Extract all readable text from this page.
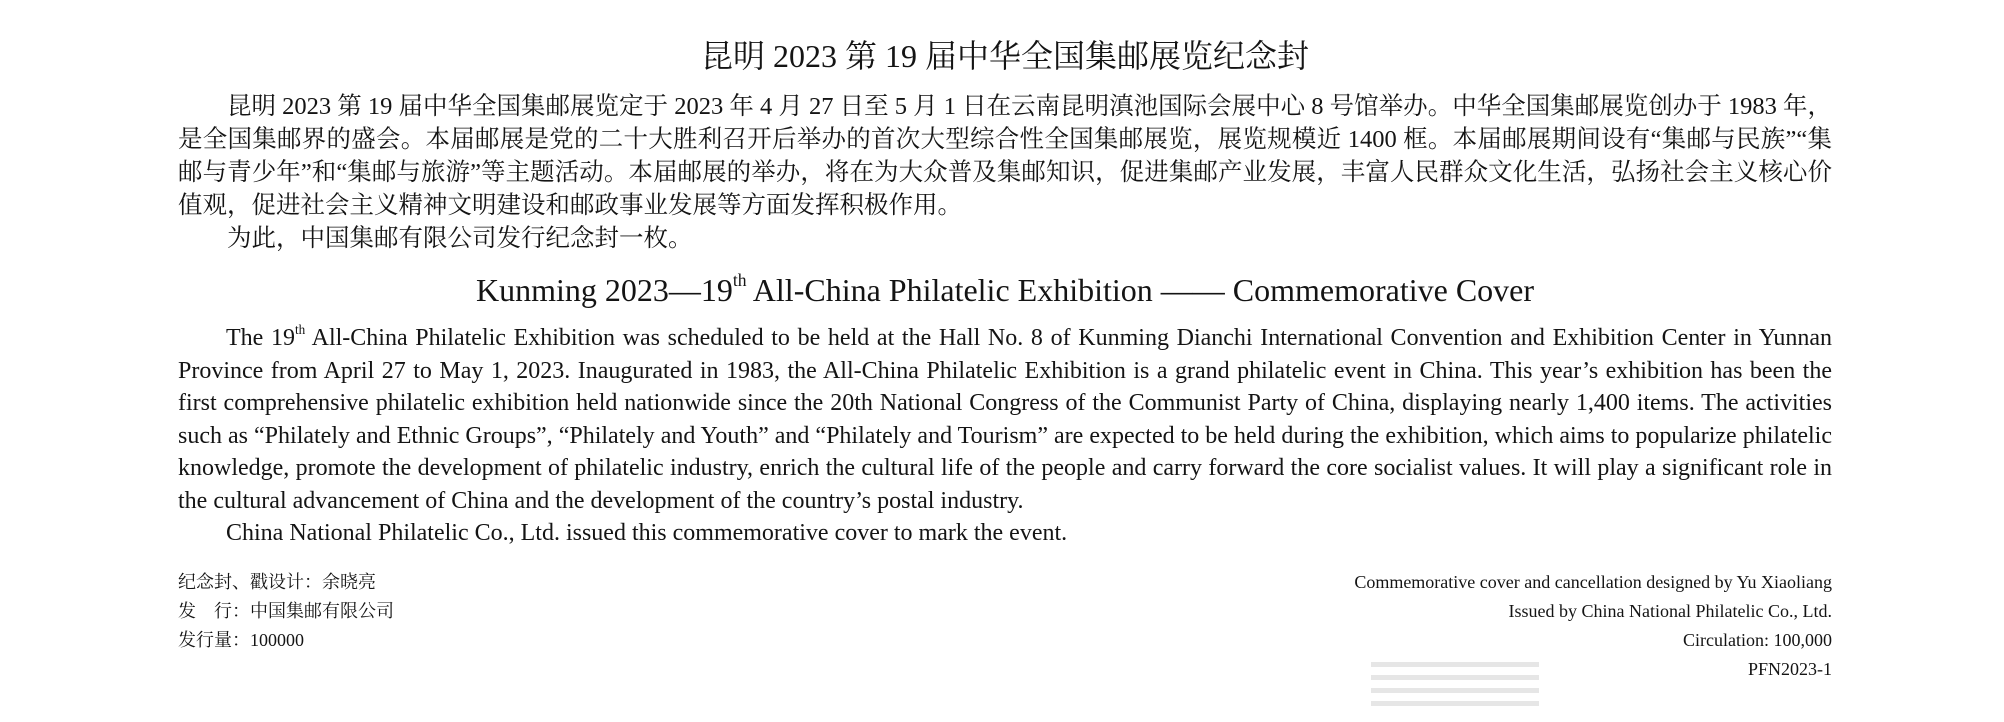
昆明 2023 第 19 届中华全国集邮展览纪念封

昆明 2023 第 19 届中华全国集邮展览定于 2023 年 4 月 27 日至 5 月 1 日在云南昆明滇池国际会展中心 8 号馆举办。中华全国集邮展览创办于 1983 年，是全国集邮界的盛会。本届邮展是党的二十大胜利召开后举办的首次大型综合性全国集邮展览，展览规模近 1400 框。本届邮展期间设有“集邮与民族”“集邮与青少年”和“集邮与旅游”等主题活动。本届邮展的举办，将在为大众普及集邮知识，促进集邮产业发展，丰富人民群众文化生活，弘扬社会主义核心价值观，促进社会主义精神文明建设和邮政事业发展等方面发挥积极作用。

为此，中国集邮有限公司发行纪念封一枚。

Kunming 2023—19th All-China Philatelic Exhibition —— Commemorative Cover

The 19th All-China Philatelic Exhibition was scheduled to be held at the Hall No. 8 of Kunming Dianchi International Convention and Exhibition Center in Yunnan Province from April 27 to May 1, 2023. Inaugurated in 1983, the All-China Philatelic Exhibition is a grand philatelic event in China. This year’s exhibition has been the first comprehensive philatelic exhibition held nationwide since the 20th National Congress of the Communist Party of China, displaying nearly 1,400 items. The activities such as “Philately and Ethnic Groups”, “Philately and Youth” and “Philately and Tourism” are expected to be held during the exhibition, which aims to popularize philatelic knowledge, promote the development of philatelic industry, enrich the cultural life of the people and carry forward the core socialist values. It will play a significant role in the cultural advancement of China and the development of the country’s postal industry.

China National Philatelic Co., Ltd. issued this commemorative cover to mark the event.

纪念封、戳设计：余晓亮
发　行：中国集邮有限公司
发行量：100000
Commemorative cover and cancellation designed by Yu Xiaoliang
Issued by China National Philatelic Co., Ltd.
Circulation: 100,000
PFN2023-1
